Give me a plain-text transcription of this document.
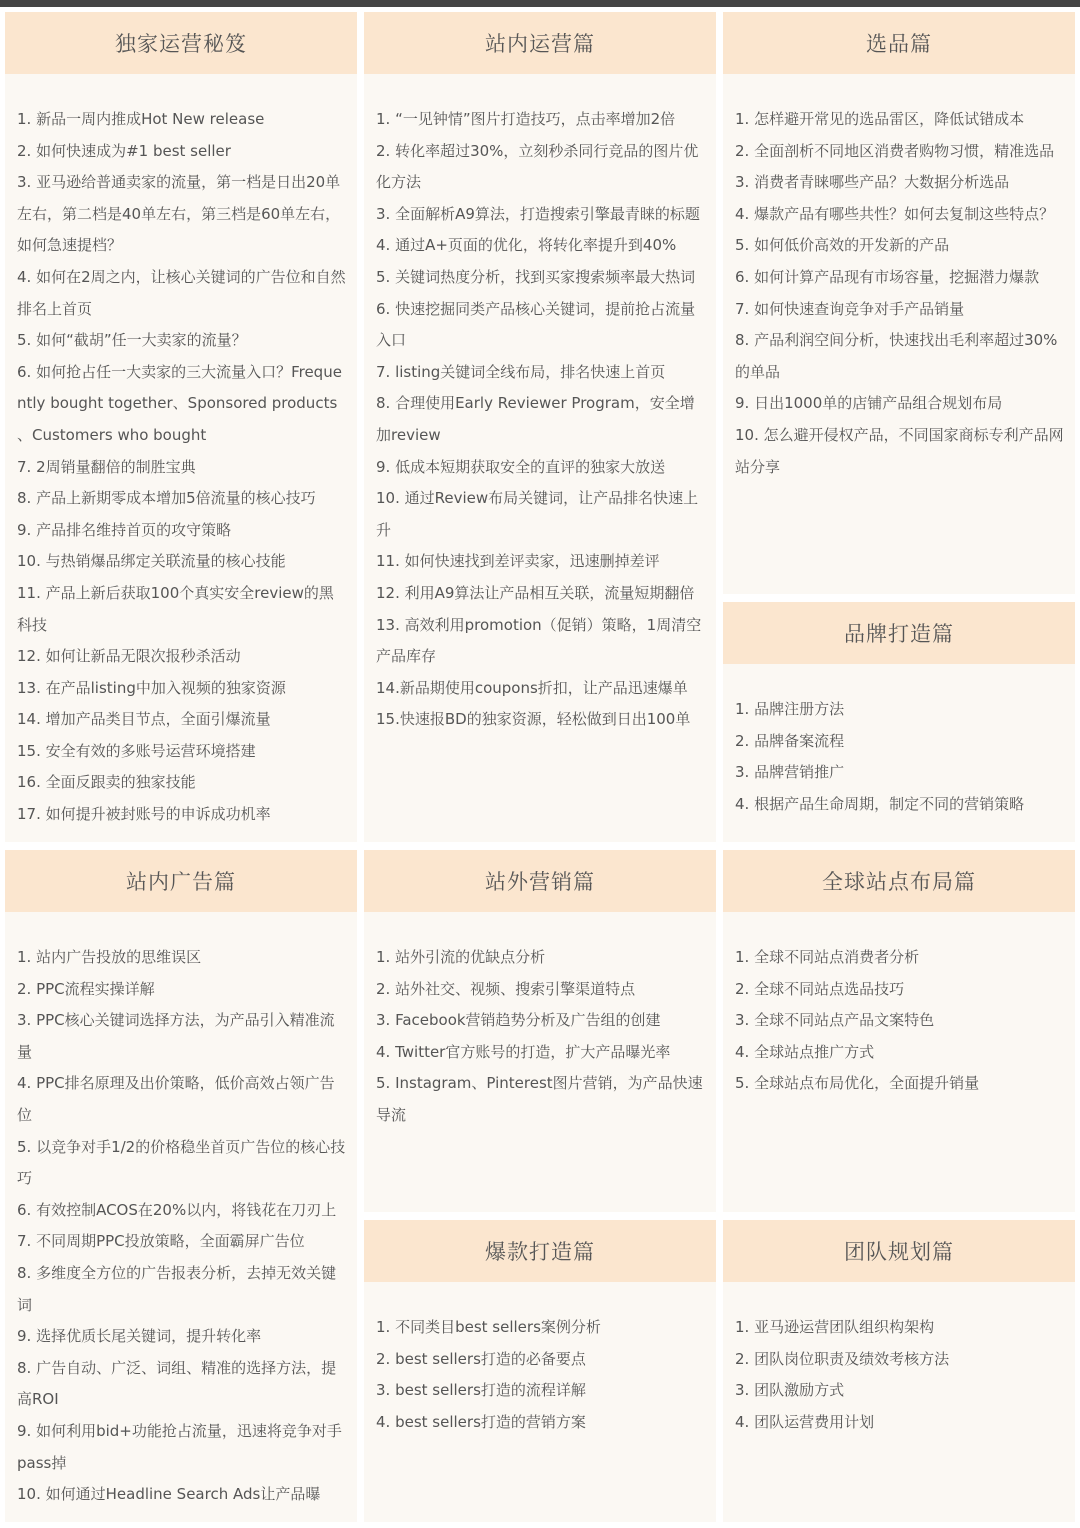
独家运营秘笈
1. 新品一周内推成Hot New release
2. 如何快速成为#1 best seller
3. 亚马逊给普通卖家的流量，第一档是日出20单左右，第二档是40单左右，第三档是60单左右，如何急速提档？
4. 如何在2周之内，让核心关键词的广告位和自然排名上首页
5. 如何“截胡”任一大卖家的流量？
6. 如何抢占任一大卖家的三大流量入口？Frequently bought together、Sponsored products 、Customers who bought
7. 2周销量翻倍的制胜宝典
8. 产品上新期零成本增加5倍流量的核心技巧
9. 产品排名维持首页的攻守策略
10. 与热销爆品绑定关联流量的核心技能
11. 产品上新后获取100个真实安全review的黑科技
12. 如何让新品无限次报秒杀活动
13. 在产品listing中加入视频的独家资源
14. 增加产品类目节点，全面引爆流量
15. 安全有效的多账号运营环境搭建
16. 全面反跟卖的独家技能
17. 如何提升被封账号的申诉成功机率
站内广告篇
1. 站内广告投放的思维误区
2. PPC流程实操详解
3. PPC核心关键词选择方法，为产品引入精准流量
4. PPC排名原理及出价策略，低价高效占领广告位
5. 以竞争对手1/2的价格稳坐首页广告位的核心技巧
6. 有效控制ACOS在20%以内，将钱花在刀刃上
7. 不同周期PPC投放策略，全面霸屏广告位
8. 多维度全方位的广告报表分析，去掉无效关键词
9. 选择优质长尾关键词，提升转化率
8. 广告自动、广泛、词组、精准的选择方法，提高ROI
9. 如何利用bid+功能抢占流量，迅速将竞争对手pass掉
10. 如何通过Headline Search Ads让产品曝
站内运营篇
1. “一见钟情”图片打造技巧，点击率增加2倍
2. 转化率超过30%，立刻秒杀同行竞品的图片优化方法
3. 全面解析A9算法，打造搜索引擎最青睐的标题
4. 通过A+页面的优化，将转化率提升到40%
5. 关键词热度分析，找到买家搜索频率最大热词
6. 快速挖掘同类产品核心关键词，提前抢占流量入口
7. listing关键词全线布局，排名快速上首页
8. 合理使用Early Reviewer Program，安全增加review
9. 低成本短期获取安全的直评的独家大放送
10. 通过Review布局关键词，让产品排名快速上升
11. 如何快速找到差评卖家，迅速删掉差评
12. 利用A9算法让产品相互关联，流量短期翻倍
13. 高效利用promotion（促销）策略，1周清空产品库存
14.新品期使用coupons折扣，让产品迅速爆单
15.快速报BD的独家资源，轻松做到日出100单
站外营销篇
1. 站外引流的优缺点分析
2. 站外社交、视频、搜索引擎渠道特点
3. Facebook营销趋势分析及广告组的创建
4. Twitter官方账号的打造，扩大产品曝光率
5. Instagram、Pinterest图片营销，为产品快速导流
爆款打造篇
1. 不同类目best sellers案例分析
2. best sellers打造的必备要点
3. best sellers打造的流程详解
4. best sellers打造的营销方案
选品篇
1. 怎样避开常见的选品雷区，降低试错成本
2. 全面剖析不同地区消费者购物习惯，精准选品
3. 消费者青睐哪些产品？大数据分析选品
4. 爆款产品有哪些共性？如何去复制这些特点？
5. 如何低价高效的开发新的产品
6. 如何计算产品现有市场容量，挖掘潜力爆款
7. 如何快速查询竞争对手产品销量
8. 产品利润空间分析，快速找出毛利率超过30%的单品
9. 日出1000单的店铺产品组合规划布局
10. 怎么避开侵权产品，不同国家商标专利产品网站分享
品牌打造篇
1. 品牌注册方法
2. 品牌备案流程
3. 品牌营销推广
4. 根据产品生命周期，制定不同的营销策略
全球站点布局篇
1. 全球不同站点消费者分析
2. 全球不同站点选品技巧
3. 全球不同站点产品文案特色
4. 全球站点推广方式
5. 全球站点布局优化，全面提升销量
团队规划篇
1. 亚马逊运营团队组织构架构
2. 团队岗位职责及绩效考核方法
3. 团队激励方式
4. 团队运营费用计划
